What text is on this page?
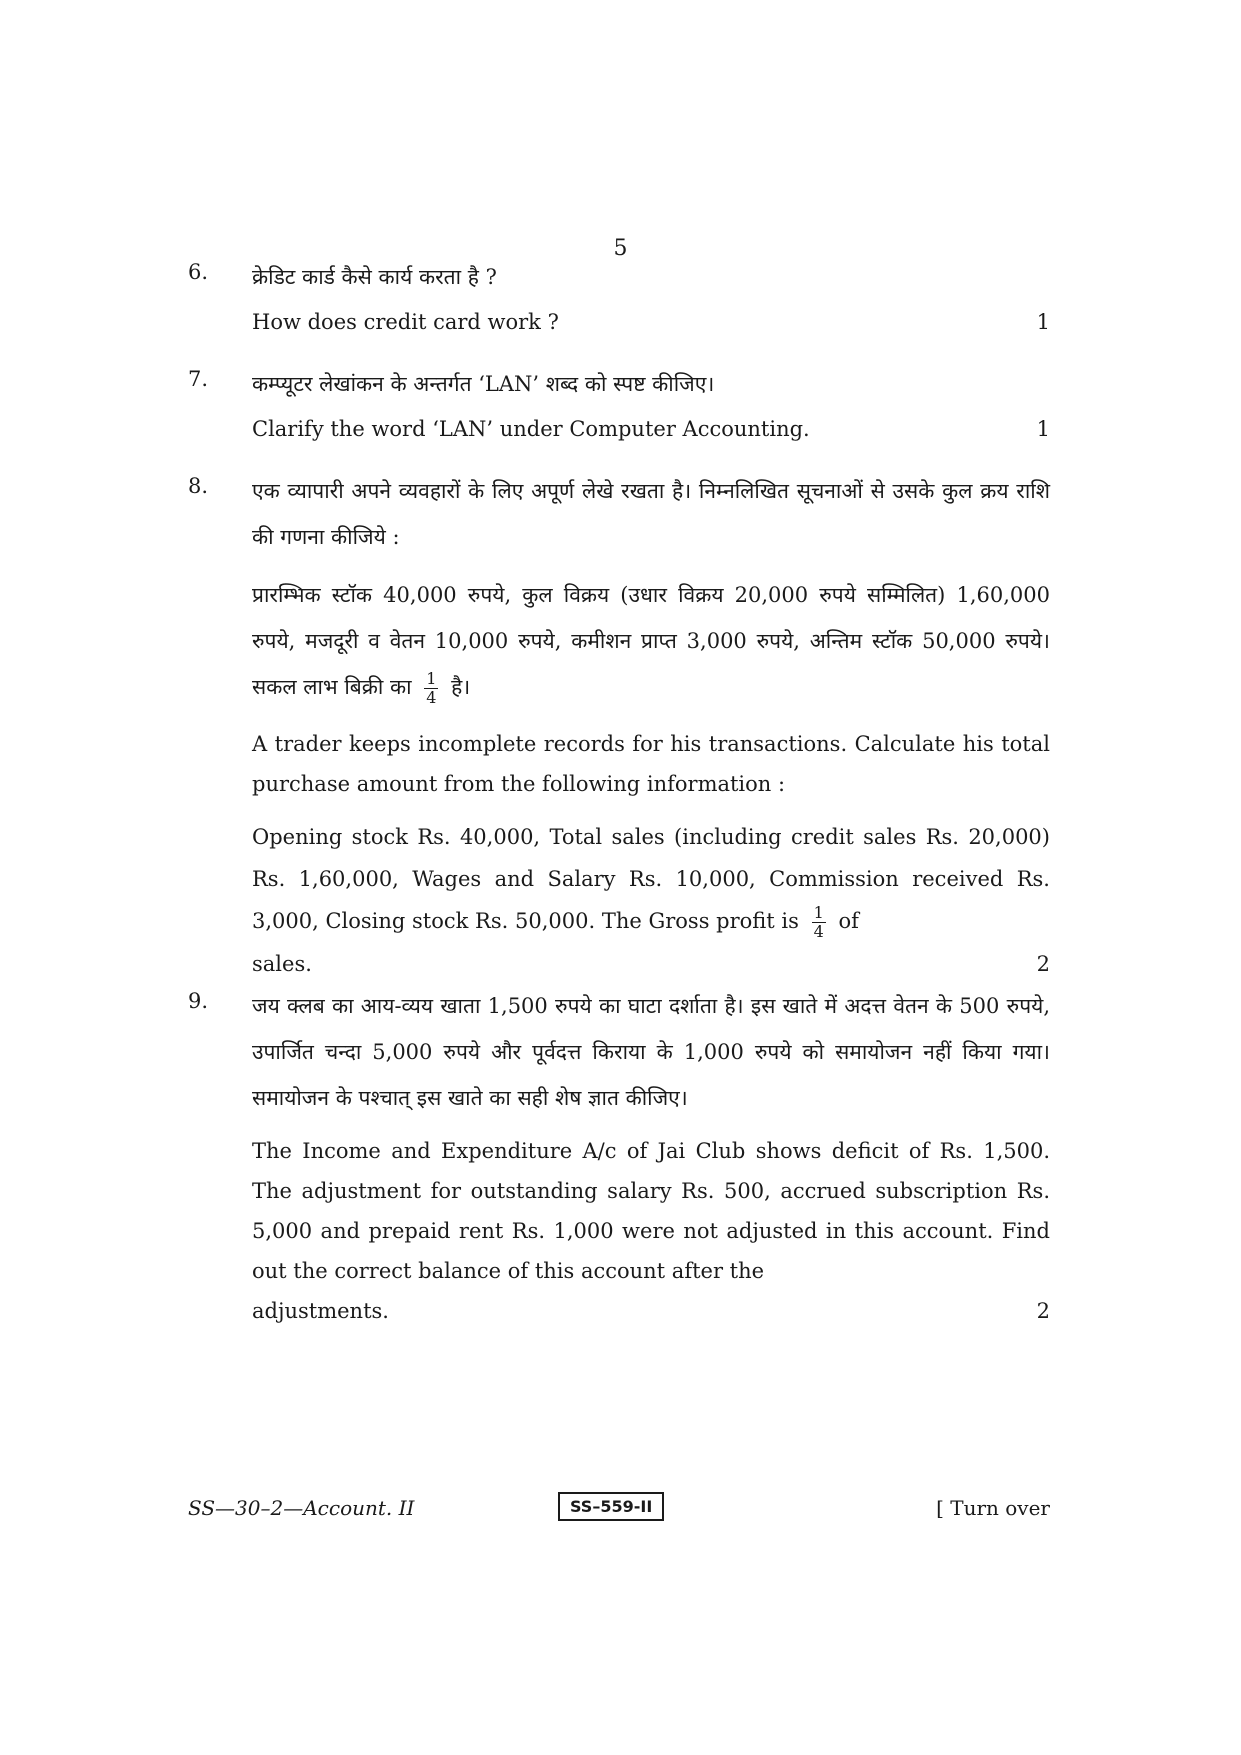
5
6. क्रेडिट कार्ड कैसे कार्य करता है ?
How does credit card work ?	1
7. कम्प्यूटर लेखांकन के अन्तर्गत ‘LAN’ शब्द को स्पष्ट कीजिए।
Clarify the word ‘LAN’ under Computer Accounting.	1
8. एक व्यापारी अपने व्यवहारों के लिए अपूर्ण लेखे रखता है। निम्नलिखित सूचनाओं से उसके कुल क्रय राशि की गणना कीजिये :
प्रारम्भिक स्टॉक 40,000 रुपये, कुल विक्रय (उधार विक्रय 20,000 रुपये सम्मिलित) 1,60,000 रुपये, मजदूरी व वेतन 10,000 रुपये, कमीशन प्राप्त 3,000 रुपये, अन्तिम स्टॉक 50,000 रुपये। सकल लाभ बिक्री का $\frac{1}{4}$ है।
A trader keeps incomplete records for his transactions. Calculate his total purchase amount from the following information :
Opening stock Rs. 40,000, Total sales (including credit sales Rs. 20,000) Rs. 1,60,000, Wages and Salary Rs. 10,000, Commission received Rs. 3,000, Closing stock Rs. 50,000. The Gross profit is $\frac{1}{4}$ of
sales.	2
9. जय क्लब का आय-व्यय खाता 1,500 रुपये का घाटा दर्शाता है। इस खाते में अदत्त वेतन के 500 रुपये, उपार्जित चन्दा 5,000 रुपये और पूर्वदत्त किराया के 1,000 रुपये को समायोजन नहीं किया गया। समायोजन के पश्चात् इस खाते का सही शेष ज्ञात कीजिए।
The Income and Expenditure A/c of Jai Club shows deficit of Rs. 1,500. The adjustment for outstanding salary Rs. 500, accrued subscription Rs. 5,000 and prepaid rent Rs. 1,000 were not adjusted in this account. Find out the correct balance of this account after the
adjustments.	2
SS—30–2—Account. II	SS–559-II	[ Turn over
